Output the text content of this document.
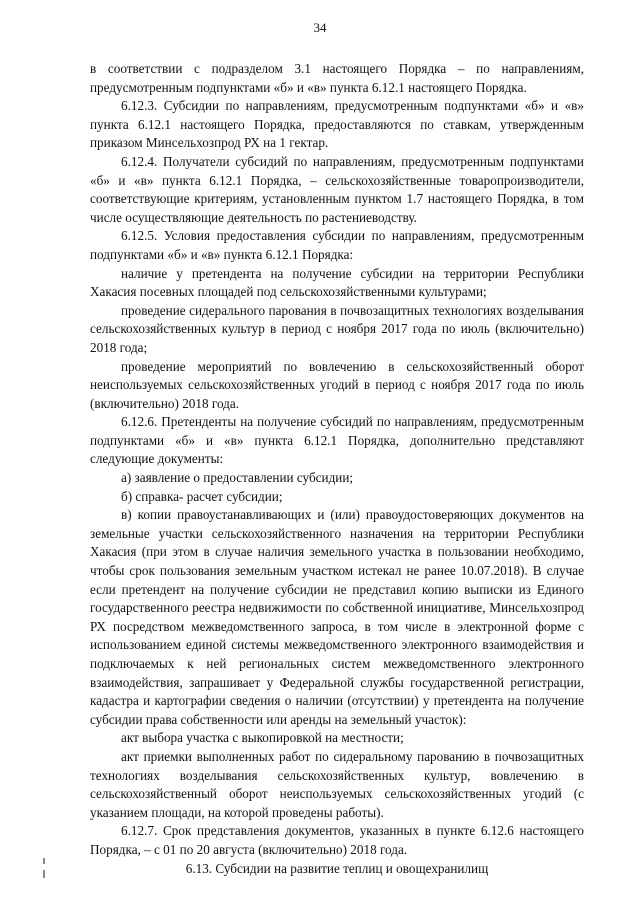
34

в соответствии с подразделом 3.1 настоящего Порядка – по направлениям, предусмотренным подпунктами «б» и «в» пункта 6.12.1 настоящего Порядка.

6.12.3. Субсидии по направлениям, предусмотренным подпунктами «б» и «в» пункта 6.12.1 настоящего Порядка, предоставляются по ставкам, утвержденным приказом Минсельхозпрод РХ на 1 гектар.

6.12.4. Получатели субсидий по направлениям, предусмотренным подпунктами «б» и «в» пункта 6.12.1 Порядка, – сельскохозяйственные товаропроизводители, соответствующие критериям, установленным пунктом 1.7 настоящего Порядка, в том числе осуществляющие деятельность по растениеводству.

6.12.5. Условия предоставления субсидии по направлениям, предусмотренным подпунктами «б» и «в» пункта 6.12.1 Порядка:

наличие у претендента на получение субсидии на территории Республики Хакасия посевных площадей под сельскохозяйственными культурами;

проведение сидерального парования в почвозащитных технологиях возделывания сельскохозяйственных культур в период с ноября 2017 года по июль (включительно) 2018 года;

проведение мероприятий по вовлечению в сельскохозяйственный оборот неиспользуемых сельскохозяйственных угодий в период с ноября 2017 года по июль (включительно) 2018 года.

6.12.6. Претенденты на получение субсидий по направлениям, предусмотренным подпунктами «б» и «в» пункта 6.12.1 Порядка, дополнительно представляют следующие документы:

а) заявление о предоставлении субсидии;

б) справка- расчет субсидии;

в) копии правоустанавливающих и (или) правоудостоверяющих документов на земельные участки сельскохозяйственного назначения на территории Республики Хакасия (при этом в случае наличия земельного участка в пользовании необходимо, чтобы срок пользования земельным участком истекал не ранее 10.07.2018). В случае если претендент на получение субсидии не представил копию выписки из Единого государственного реестра недвижимости по собственной инициативе, Минсельхозпрод РХ посредством межведомственного запроса, в том числе в электронной форме с использованием единой системы межведомственного электронного взаимодействия и подключаемых к ней региональных систем межведомственного электронного взаимодействия, запрашивает у Федеральной службы государственной регистрации, кадастра и картографии сведения о наличии (отсутствии) у претендента на получение субсидии права собственности или аренды на земельный участок):

акт выбора участка с выкопировкой на местности;

акт приемки выполненных работ по сидеральному парованию в почвозащитных технологиях возделывания сельскохозяйственных культур, вовлечению в сельскохозяйственный оборот неиспользуемых сельскохозяйственных угодий (с указанием площади, на которой проведены работы).

6.12.7. Срок представления документов, указанных в пункте 6.12.6 настоящего Порядка, – с 01 по 20 августа (включительно) 2018 года.

6.13. Субсидии на развитие теплиц и овощехранилищ
